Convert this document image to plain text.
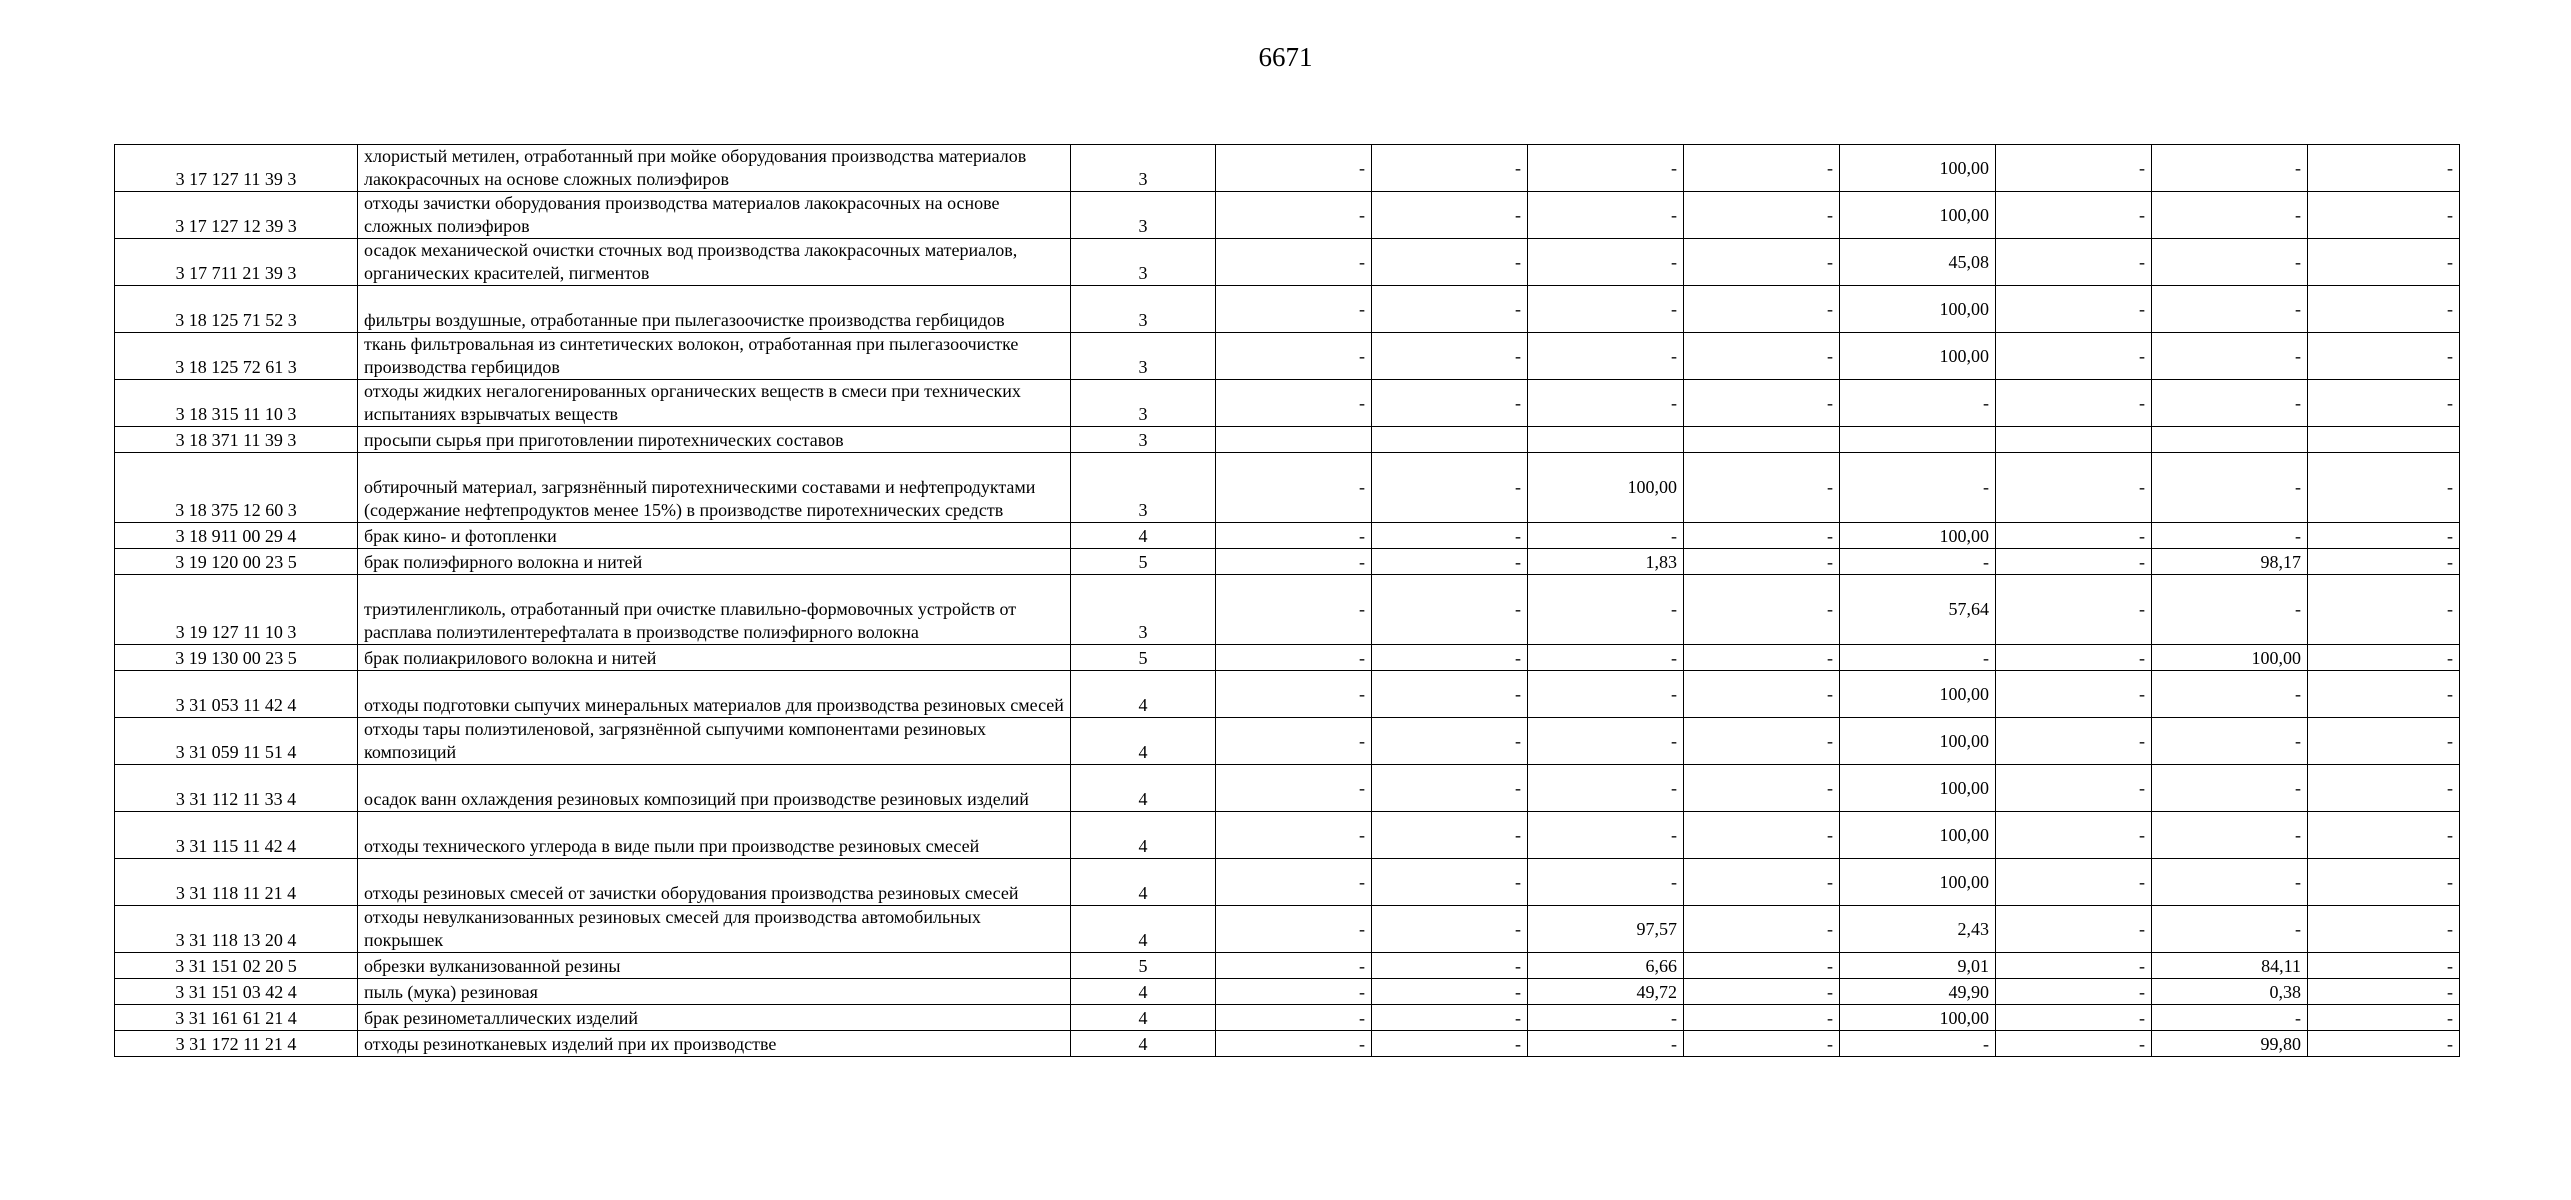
6671
3 17 127 11 39 3	хлористый метилен, отработанный при мойке оборудования производства материалов лакокрасочных на основе сложных полиэфиров	3	-	-	-	-	100,00	-	-	-
3 17 127 12 39 3	отходы зачистки оборудования производства материалов лакокрасочных на основе сложных полиэфиров	3	-	-	-	-	100,00	-	-	-
3 17 711 21 39 3	осадок механической очистки сточных вод производства лакокрасочных материалов, органических красителей, пигментов	3	-	-	-	-	45,08	-	-	-
3 18 125 71 52 3	фильтры воздушные, отработанные при пылегазоочистке производства гербицидов	3	-	-	-	-	100,00	-	-	-
3 18 125 72 61 3	ткань фильтровальная из синтетических волокон, отработанная при пылегазоочистке производства гербицидов	3	-	-	-	-	100,00	-	-	-
3 18 315 11 10 3	отходы жидких негалогенированных органических веществ в смеси при технических испытаниях взрывчатых веществ	3	-	-	-	-	-	-	-	-
3 18 371 11 39 3	просыпи сырья при приготовлении пиротехнических составов	3								
3 18 375 12 60 3	обтирочный материал, загрязнённый пиротехническими составами и нефтепродуктами (содержание нефтепродуктов менее 15%) в производстве пиротехнических средств	3	-	-	100,00	-	-	-	-	-
3 18 911 00 29 4	брак кино- и фотопленки	4	-	-	-	-	100,00	-	-	-
3 19 120 00 23 5	брак полиэфирного волокна и нитей	5	-	-	1,83	-	-	-	98,17	-
3 19 127 11 10 3	триэтиленгликоль, отработанный при очистке плавильно-формовочных устройств от расплава полиэтилентерефталата в производстве полиэфирного волокна	3	-	-	-	-	57,64	-	-	-
3 19 130 00 23 5	брак полиакрилового волокна и нитей	5	-	-	-	-	-	-	100,00	-
3 31 053 11 42 4	отходы подготовки сыпучих минеральных материалов для производства резиновых смесей	4	-	-	-	-	100,00	-	-	-
3 31 059 11 51 4	отходы тары полиэтиленовой, загрязнённой сыпучими компонентами резиновых композиций	4	-	-	-	-	100,00	-	-	-
3 31 112 11 33 4	осадок ванн охлаждения резиновых композиций при производстве резиновых изделий	4	-	-	-	-	100,00	-	-	-
3 31 115 11 42 4	отходы технического углерода в виде пыли при производстве резиновых смесей	4	-	-	-	-	100,00	-	-	-
3 31 118 11 21 4	отходы резиновых смесей от зачистки оборудования производства резиновых смесей	4	-	-	-	-	100,00	-	-	-
3 31 118 13 20 4	отходы невулканизованных резиновых смесей для производства автомобильных покрышек	4	-	-	97,57	-	2,43	-	-	-
3 31 151 02 20 5	обрезки вулканизованной резины	5	-	-	6,66	-	9,01	-	84,11	-
3 31 151 03 42 4	пыль (мука) резиновая	4	-	-	49,72	-	49,90	-	0,38	-
3 31 161 61 21 4	брак резинометаллических изделий	4	-	-	-	-	100,00	-	-	-
3 31 172 11 21 4	отходы резинотканевых изделий при их производстве	4	-	-	-	-	-	-	99,80	-
